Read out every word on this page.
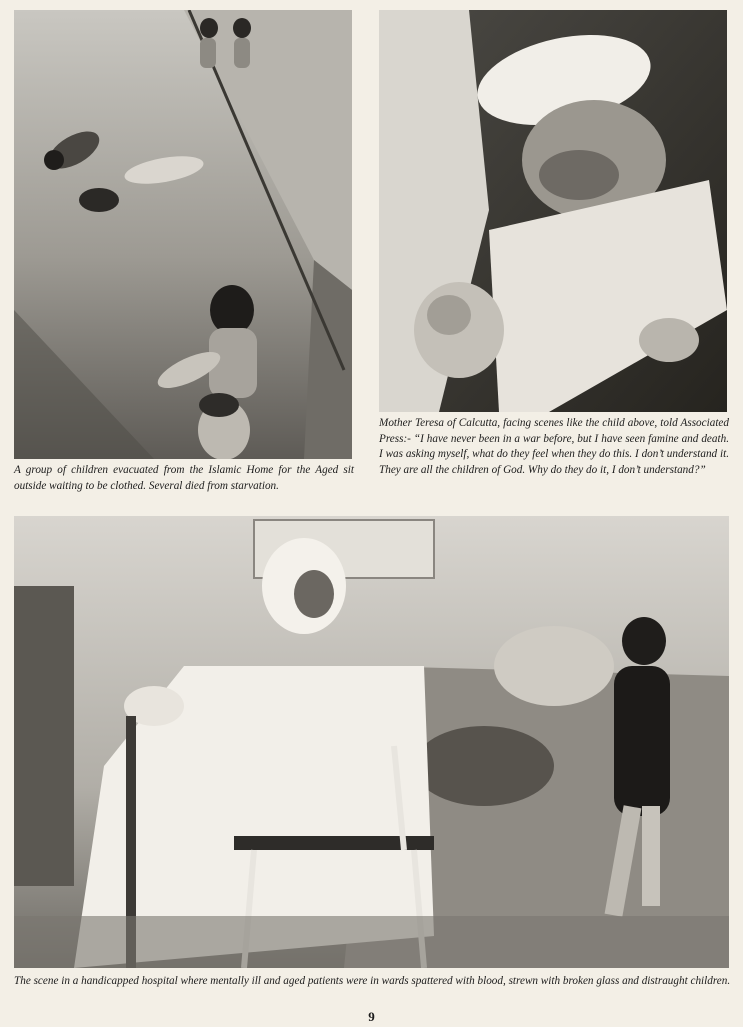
A group of children evacuated from the Islamic Home for the Aged sit outside waiting to be clothed. Several died from starvation.

Mother Teresa of Calcutta, facing scenes like the child above, told Associated Press:- “I have never been in a war before, but I have seen famine and death. I was asking myself, what do they feel when they do this. I don’t understand it. They are all the children of God. Why do they do it, I don’t understand?”

The scene in a handicapped hospital where mentally ill and aged patients were in wards spattered with blood, strewn with broken glass and distraught children.

9
